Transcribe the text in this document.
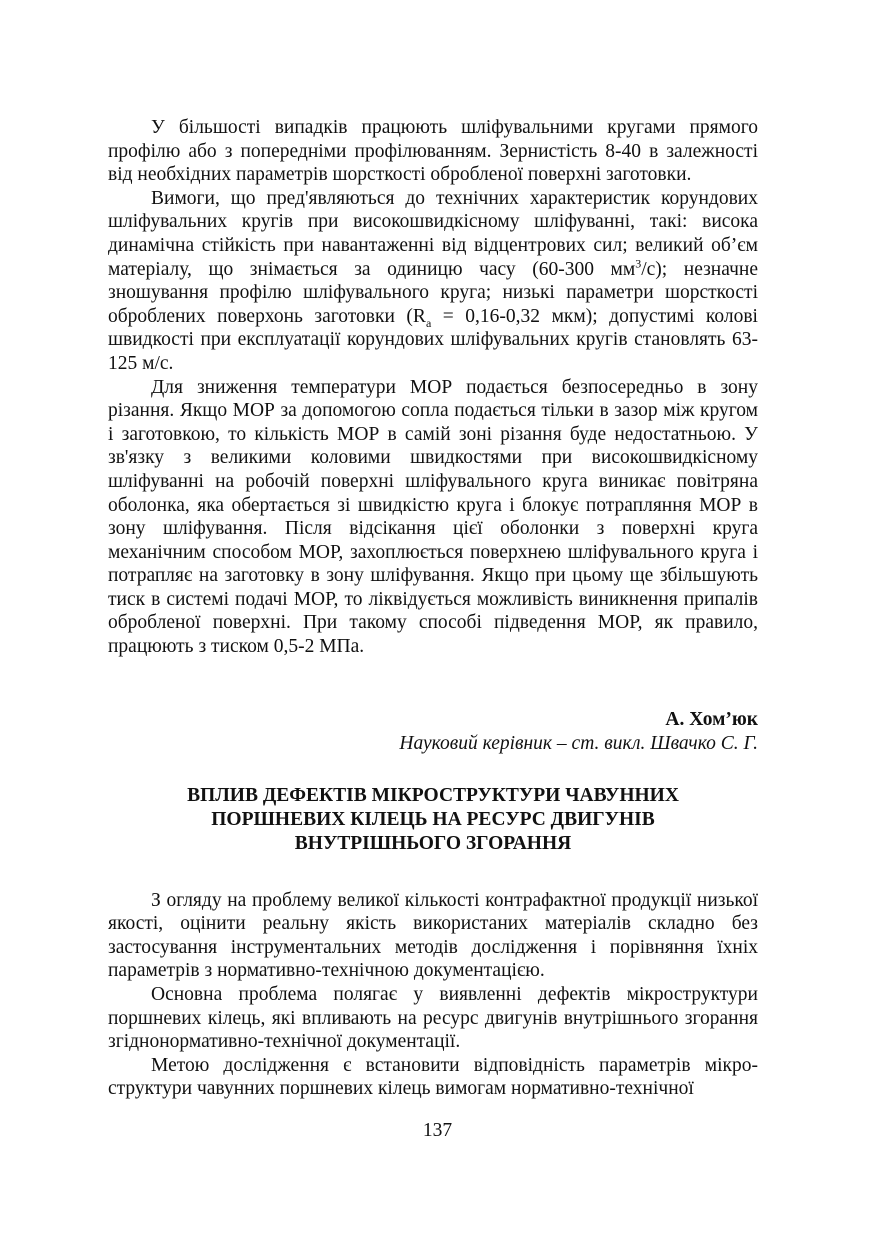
У більшості випадків працюють шліфувальними кругами прямого профілю або з попередніми профілюванням. Зернистість 8-40 в залежності від необхідних параметрів шорсткості обробленої поверхні заготовки.

Вимоги, що пред'являються до технічних характеристик корундових шліфувальних кругів при високошвидкісному шліфуванні, такі: висока динамічна стійкість при навантаженні від відцентрових сил; великий об’єм матеріалу, що знімається за одиницю часу (60-300 $мм^3/с$); незначне зношування профілю шліфувального круга; низькі параметри шорсткості оброблених поверхонь заготовки ($R_a = 0,16-0,32$ мкм); допустимі колові швидкості при експлуатації корундових шліфувальних кругів становлять 63-125 м/с.

Для зниження температури МОР подається безпосередньо в зону різання. Якщо МОР за допомогою сопла подається тільки в зазор між кругом і заготовкою, то кількість МОР в самій зоні різання буде недостатньою. У зв'язку з великими коловими швидкостями при високошвидкісному шліфуванні на робочій поверхні шліфувального круга виникає повітряна оболонка, яка обертається зі швидкістю круга і блокує потрапляння МОР в зону шліфування. Після відсікання цієї оболонки з поверхні круга механічним способом МОР, захоплюється поверхнею шліфувального круга і потрапляє на заготовку в зону шліфування. Якщо при цьому ще збільшують тиск в системі подачі МОР, то ліквідується можливість виникнення припалів обробленої поверхні. При такому способі підведення МОР, як правило, працюють з тиском 0,5-2 МПа.

А. Хом’юк
Науковий керівник – ст. викл. Швачко С. Г.
ВПЛИВ ДЕФЕКТІВ МІКРОСТРУКТУРИ ЧАВУННИХ
ПОРШНЕВИХ КІЛЕЦЬ НА РЕСУРС ДВИГУНІВ
ВНУТРІШНЬОГО ЗГОРАННЯ

З огляду на проблему великої кількості контрафактної продукції низької якості, оцінити реальну якість використаних матеріалів складно без застосування інструментальних методів дослідження і порівняння їхніх параметрів з нормативно-технічною документацією.

Основна проблема полягає у виявленні дефектів мікроструктури поршневих кілець, які впливають на ресурс двигунів внутрішнього згорання згіднонормативно-технічної документації.

Метою дослідження є встановити відповідність параметрів мікроструктури чавунних поршневих кілець вимогам нормативно-технічної

137
